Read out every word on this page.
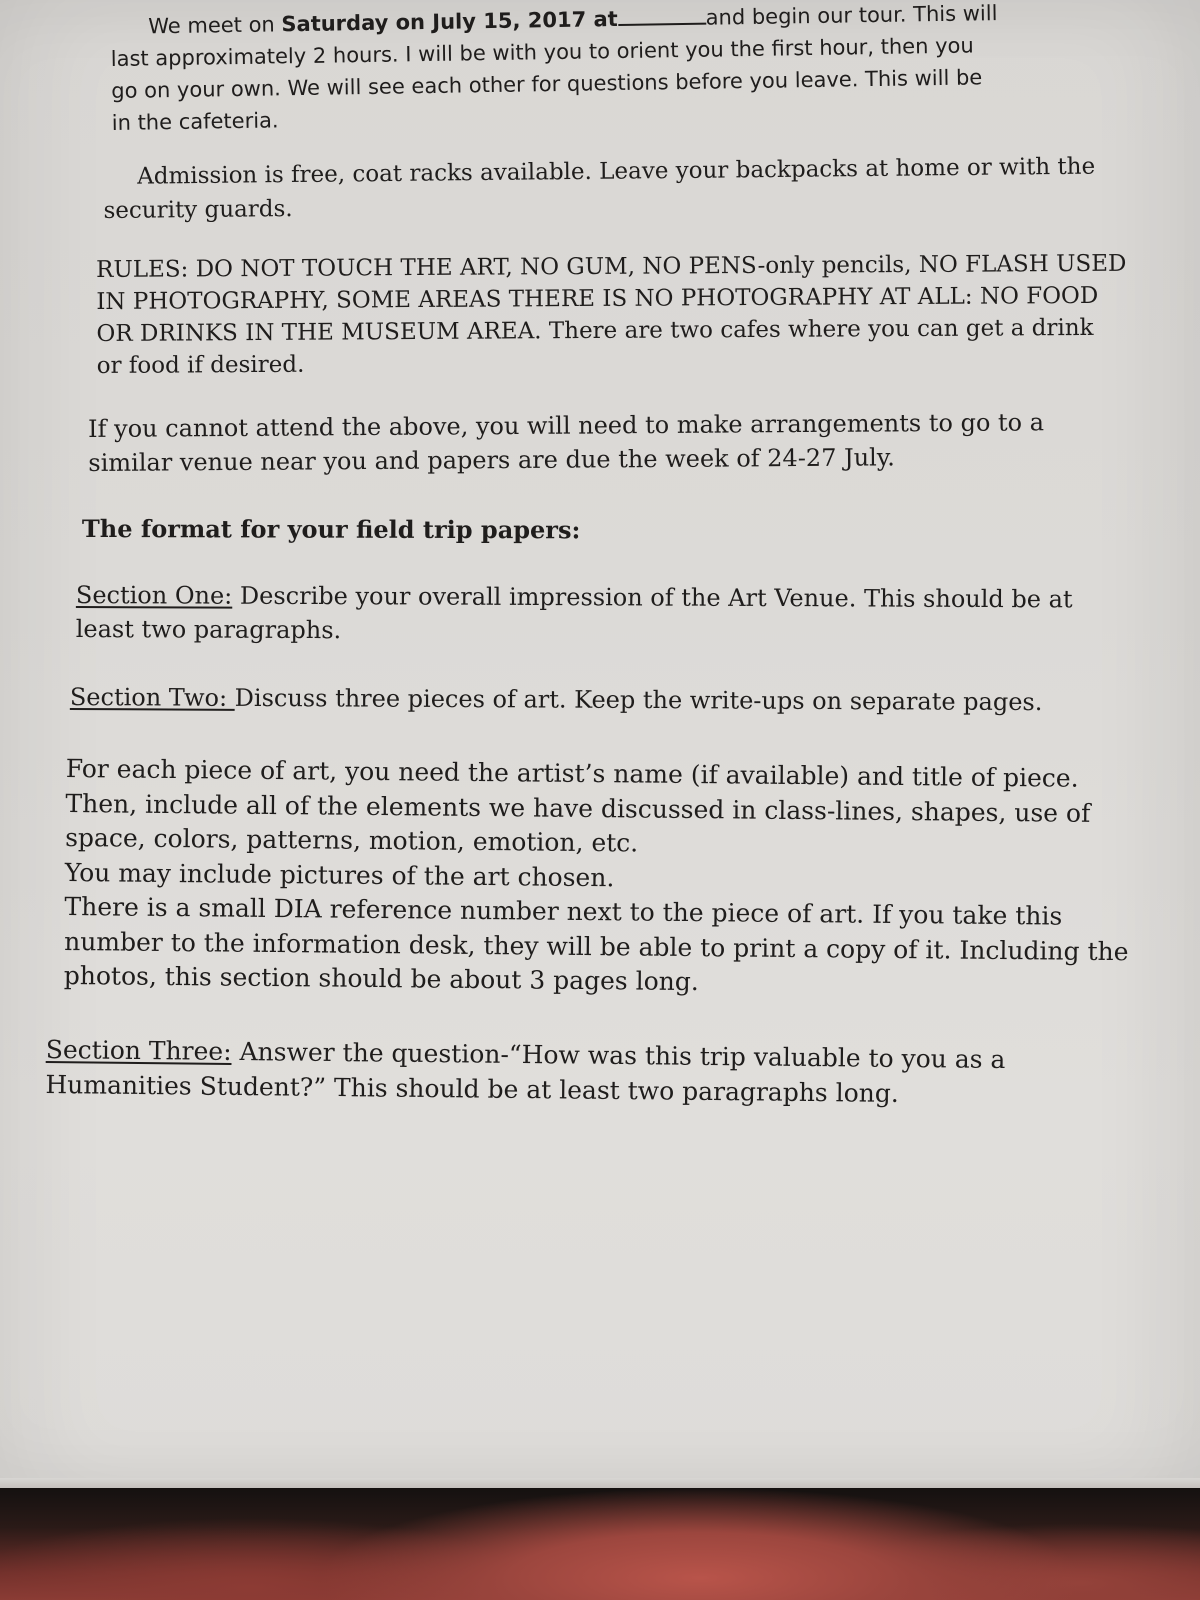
We meet on Saturday on July 15, 2017 at	and begin our tour. This will
last approximately 2 hours. I will be with you to orient you the first hour, then you
go on your own. We will see each other for questions before you leave. This will be
in the cafeteria.

Admission is free, coat racks available. Leave your backpacks at home or with the
security guards.

RULES: DO NOT TOUCH THE ART, NO GUM, NO PENS-only pencils, NO FLASH USED
IN PHOTOGRAPHY, SOME AREAS THERE IS NO PHOTOGRAPHY AT ALL: NO FOOD
OR DRINKS IN THE MUSEUM AREA. There are two cafes where you can get a drink
or food if desired.

If you cannot attend the above, you will need to make arrangements to go to a
similar venue near you and papers are due the week of 24-27 July.

The format for your field trip papers:

Section One: Describe your overall impression of the Art Venue. This should be at
least two paragraphs.

Section Two: Discuss three pieces of art. Keep the write-ups on separate pages.

For each piece of art, you need the artist’s name (if available) and title of piece.
Then, include all of the elements we have discussed in class-lines, shapes, use of
space, colors, patterns, motion, emotion, etc.
You may include pictures of the art chosen.
There is a small DIA reference number next to the piece of art. If you take this
number to the information desk, they will be able to print a copy of it. Including the
photos, this section should be about 3 pages long.

Section Three: Answer the question-“How was this trip valuable to you as a
Humanities Student?” This should be at least two paragraphs long.
